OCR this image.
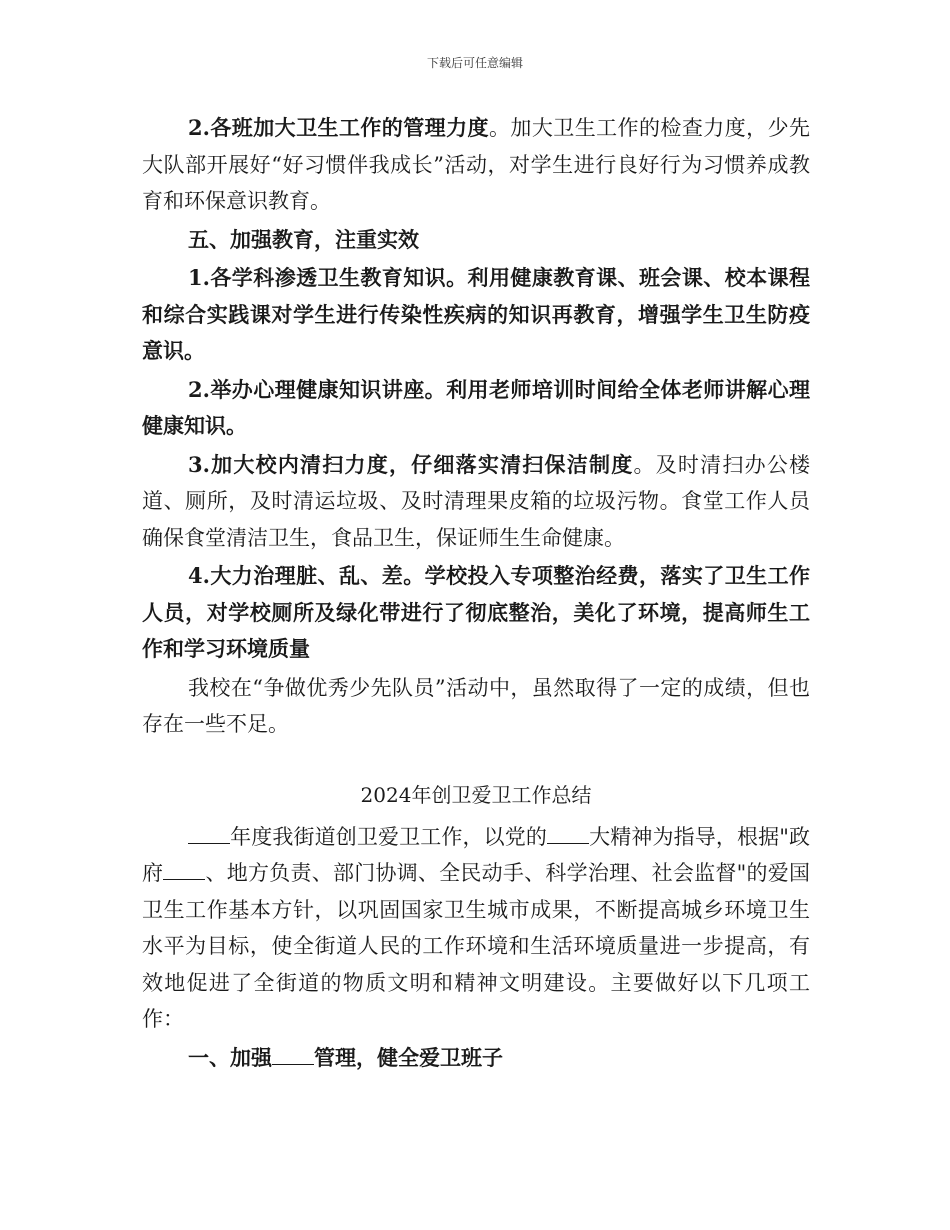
下载后可任意编辑

2.各班加大卫生工作的管理力度。加大卫生工作的检查力度，少先大队部开展好“好习惯伴我成长”活动，对学生进行良好行为习惯养成教育和环保意识教育。

五、加强教育，注重实效

1.各学科渗透卫生教育知识。利用健康教育课、班会课、校本课程和综合实践课对学生进行传染性疾病的知识再教育，增强学生卫生防疫意识。

2.举办心理健康知识讲座。利用老师培训时间给全体老师讲解心理健康知识。

3.加大校内清扫力度，仔细落实清扫保洁制度。及时清扫办公楼道、厕所，及时清运垃圾、及时清理果皮箱的垃圾污物。食堂工作人员确保食堂清洁卫生，食品卫生，保证师生生命健康。

4.大力治理脏、乱、差。学校投入专项整治经费，落实了卫生工作人员，对学校厕所及绿化带进行了彻底整治，美化了环境，提高师生工作和学习环境质量

我校在“争做优秀少先队员”活动中，虽然取得了一定的成绩，但也存在一些不足。

2024年创卫爱卫工作总结

年度我街道创卫爱卫工作，以党的 大精神为指导，根据"政府 、地方负责、部门协调、全民动手、科学治理、社会监督"的爱国卫生工作基本方针，以巩固国家卫生城市成果，不断提高城乡环境卫生水平为目标，使全街道人民的工作环境和生活环境质量进一步提高，有效地促进了全街道的物质文明和精神文明建设。主要做好以下几项工作：

一、加强 管理，健全爱卫班子
